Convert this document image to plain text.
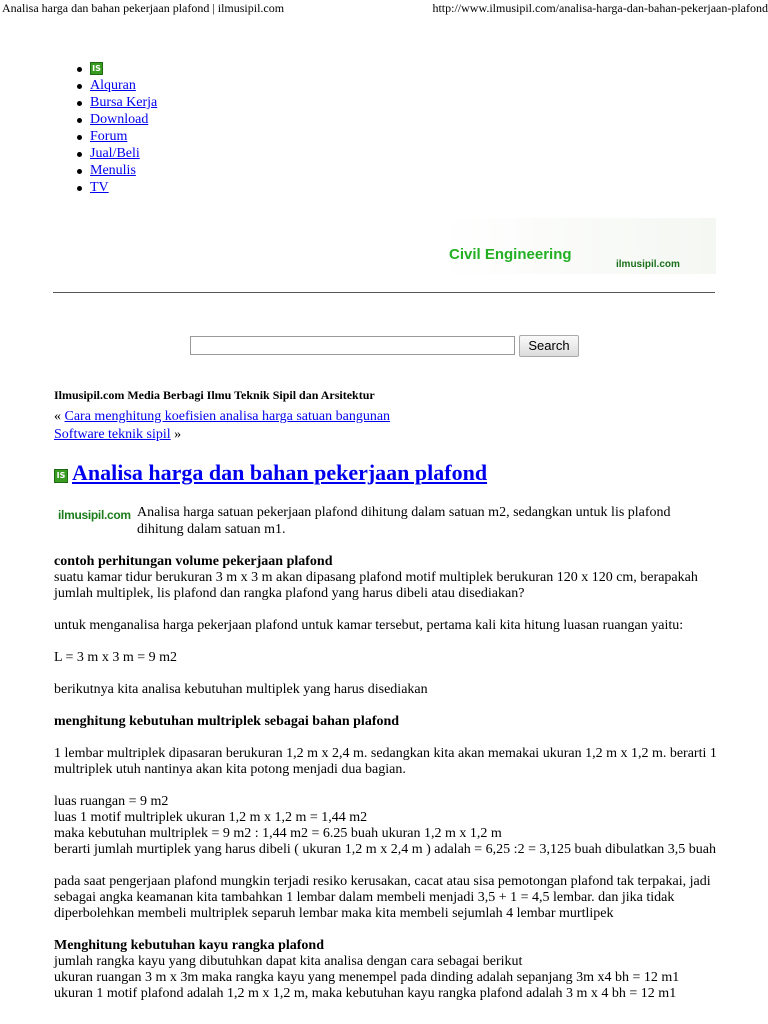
Analisa harga dan bahan pekerjaan plafond | ilmusipil.com	http://www.ilmusipil.com/analisa-harga-dan-bahan-pekerjaan-plafond
IS
Alquran
Bursa Kerja
Download
Forum
Jual/Beli
Menulis
TV
Civil Engineering
ilmusipil.com
Search
Ilmusipil.com Media Berbagi Ilmu Teknik Sipil dan Arsitektur
« Cara menghitung koefisien analisa harga satuan bangunan
Software teknik sipil »
IS Analisa harga dan bahan pekerjaan plafond
ilmusipil.com Analisa harga satuan pekerjaan plafond dihitung dalam satuan m2, sedangkan untuk lis plafond dihitung dalam satuan m1.

contoh perhitungan volume pekerjaan plafond
suatu kamar tidur berukuran 3 m x 3 m akan dipasang plafond motif multiplek berukuran 120 x 120 cm, berapakah jumlah multiplek, lis plafond dan rangka plafond yang harus dibeli atau disediakan?

untuk menganalisa harga pekerjaan plafond untuk kamar tersebut, pertama kali kita hitung luasan ruangan yaitu:

L = 3 m x 3 m = 9 m2

berikutnya kita analisa kebutuhan multiplek yang harus disediakan

menghitung kebutuhan multriplek sebagai bahan plafond

1 lembar multriplek dipasaran berukuran 1,2 m x 2,4 m. sedangkan kita akan memakai ukuran 1,2 m x 1,2 m. berarti 1 multriplek utuh nantinya akan kita potong menjadi dua bagian.

luas ruangan = 9 m2
luas 1 motif multriplek ukuran 1,2 m x 1,2 m = 1,44 m2
maka kebutuhan multriplek = 9 m2 : 1,44 m2 = 6.25 buah ukuran 1,2 m x 1,2 m
berarti jumlah murtiplek yang harus dibeli ( ukuran 1,2 m x 2,4 m ) adalah = 6,25 :2 = 3,125 buah dibulatkan 3,5 buah

pada saat pengerjaan plafond mungkin terjadi resiko kerusakan, cacat atau sisa pemotongan plafond tak terpakai, jadi sebagai angka keamanan kita tambahkan 1 lembar dalam membeli menjadi 3,5 + 1 = 4,5 lembar. dan jika tidak diperbolehkan membeli multriplek separuh lembar maka kita membeli sejumlah 4 lembar murtlipek

Menghitung kebutuhan kayu rangka plafond
jumlah rangka kayu yang dibutuhkan dapat kita analisa dengan cara sebagai berikut
ukuran ruangan 3 m x 3m maka rangka kayu yang menempel pada dinding adalah sepanjang 3m x4 bh = 12 m1
ukuran 1 motif plafond adalah 1,2 m x 1,2 m, maka kebutuhan kayu rangka plafond adalah 3 m x 4 bh = 12 m1
